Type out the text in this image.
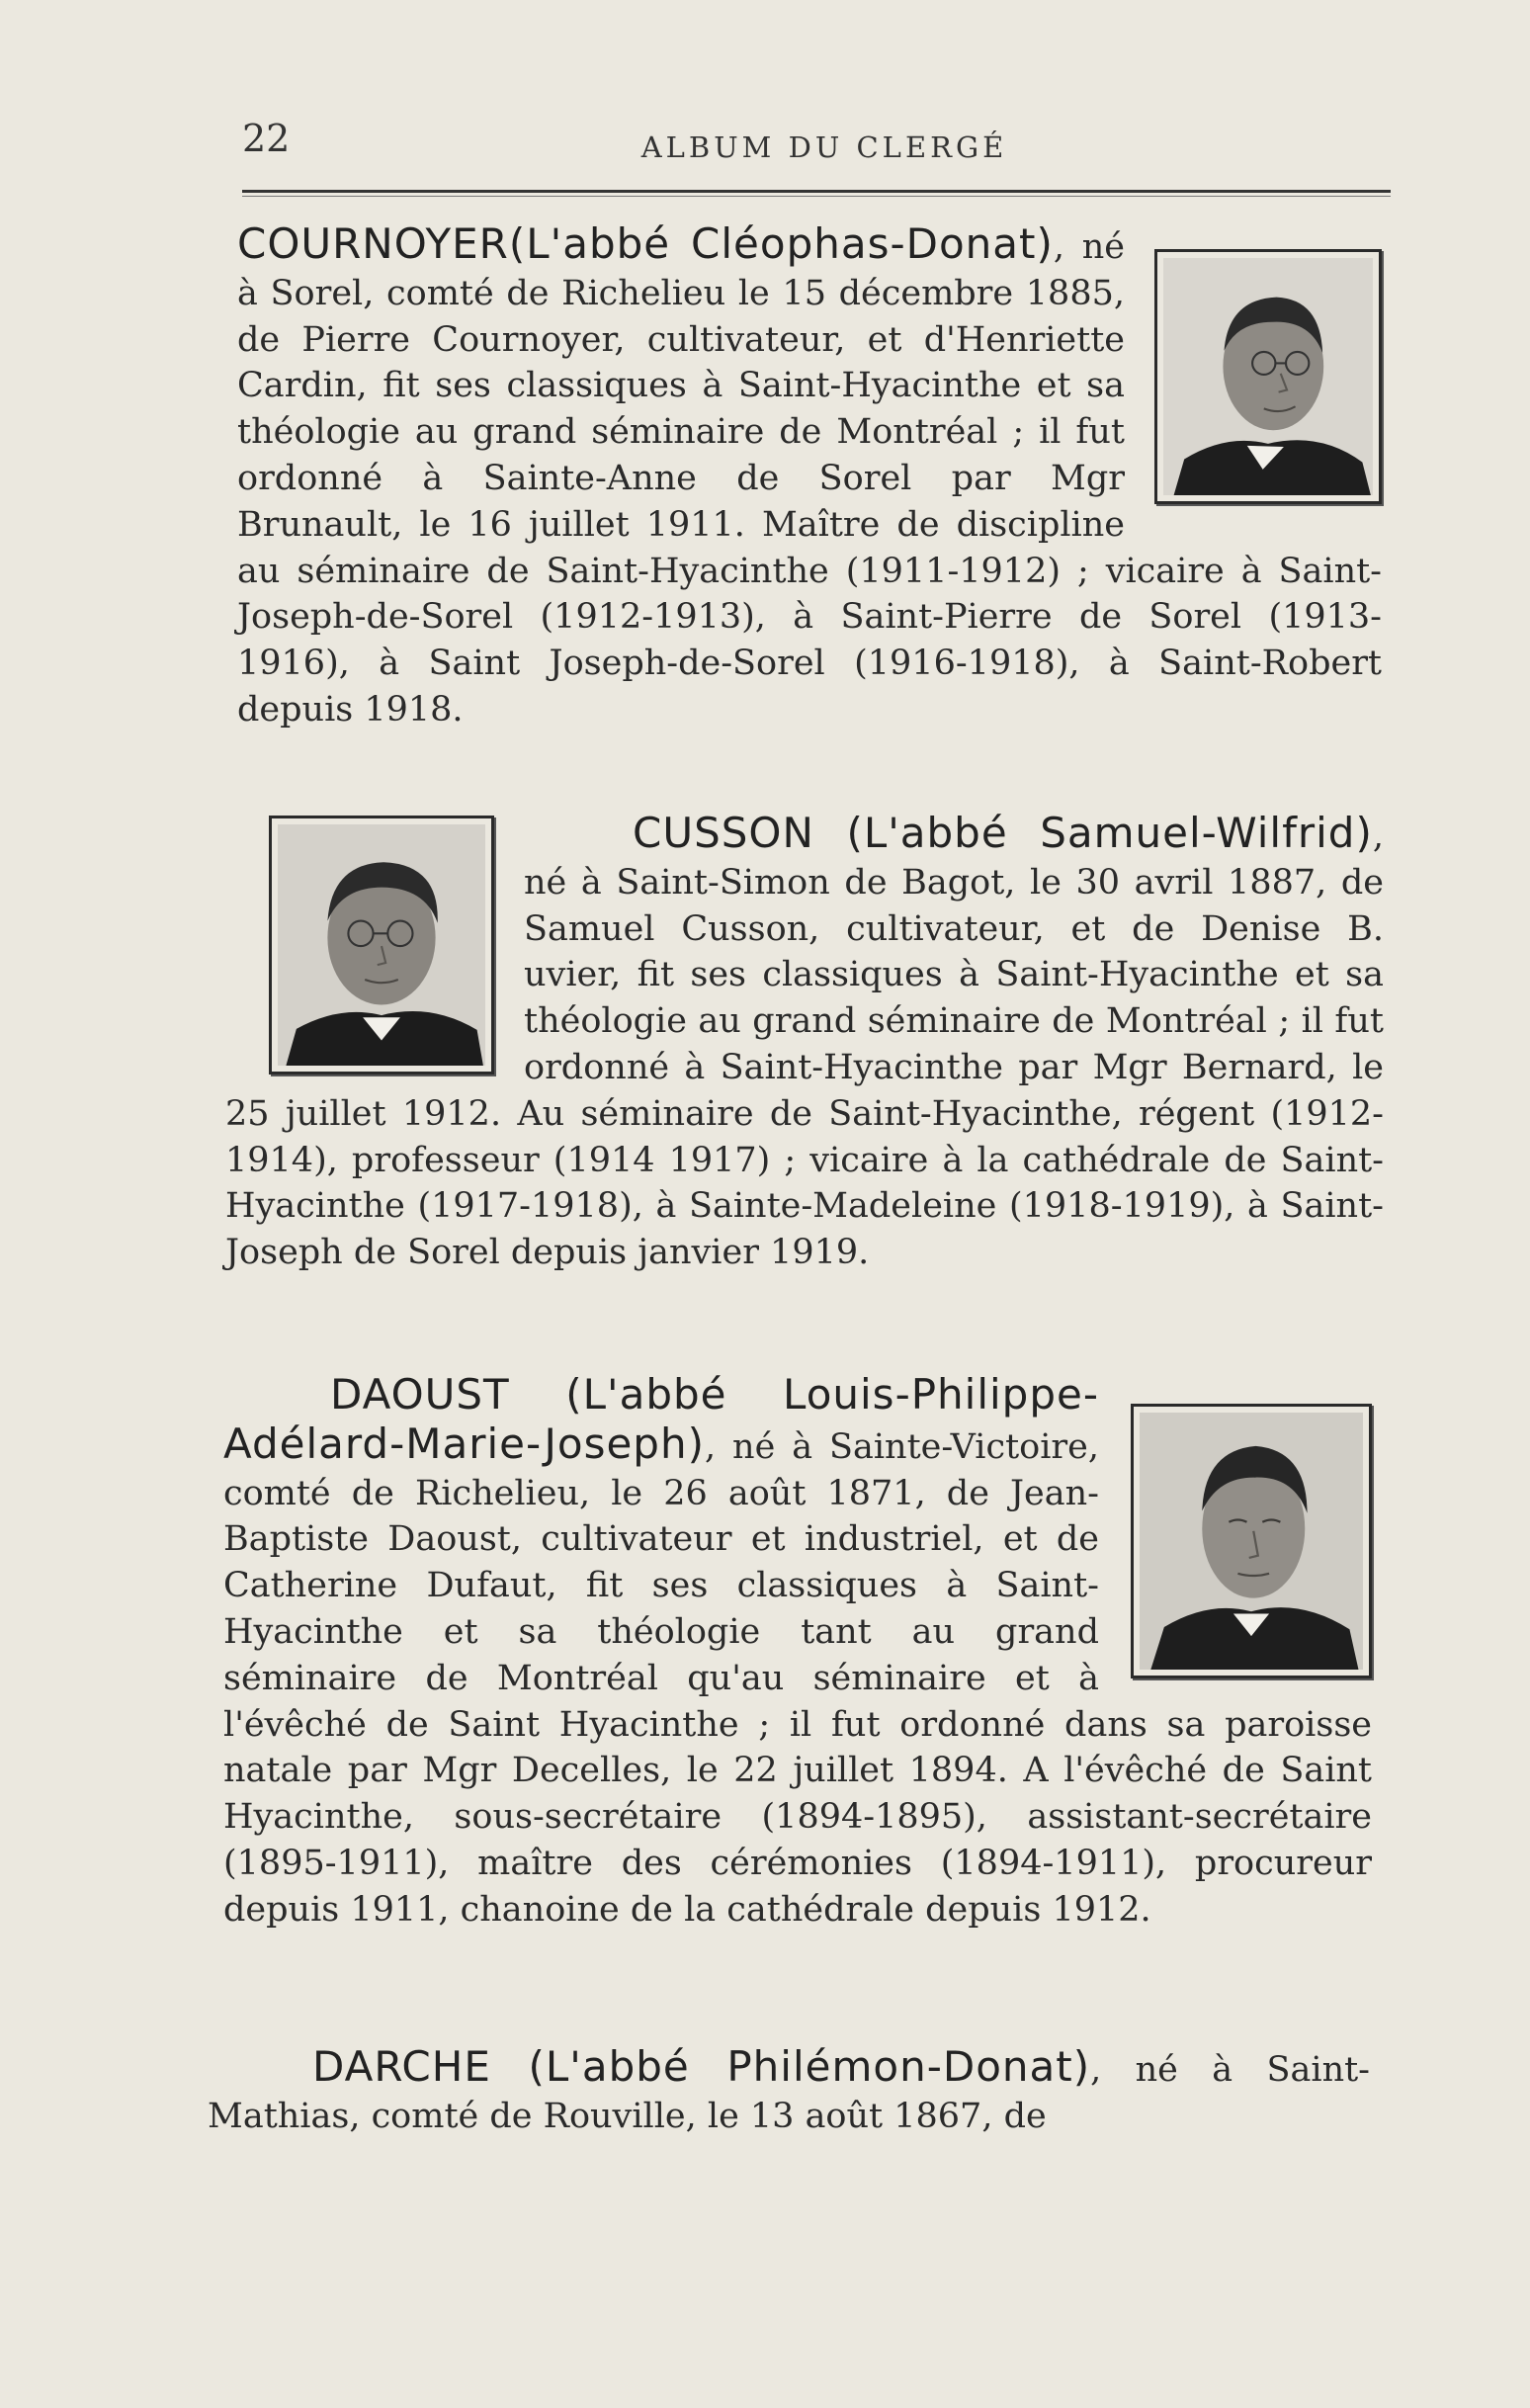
22	ALBUM DU CLERGÉ

COURNOYER(L'abbé Cléophas-Donat), né à Sorel, comté de Richelieu le 15 décembre 1885, de Pierre Cournoyer, cultivateur, et d'Henriette Cardin, fit ses classiques à Saint-Hyacinthe et sa théologie au grand séminaire de Montréal ; il fut ordonné à Sainte-Anne de Sorel par Mgr Brunault, le 16 juillet 1911. Maître de discipline au séminaire de Saint-Hyacinthe (1911-1912) ; vicaire à Saint-Joseph-de-Sorel (1912-1913), à Saint-Pierre de Sorel (1913-1916), à Saint Joseph-de-Sorel (1916-1918), à Saint-Robert depuis 1918.

CUSSON (L'abbé Samuel-Wilfrid), né à Saint-Simon de Bagot, le 30 avril 1887, de Samuel Cusson, cultivateur, et de Denise B. uvier, fit ses classiques à Saint-Hyacinthe et sa théologie au grand séminaire de Montréal ; il fut ordonné à Saint-Hyacinthe par Mgr Bernard, le 25 juillet 1912. Au séminaire de Saint-Hyacinthe, régent (1912-1914), professeur (1914 1917) ; vicaire à la cathédrale de Saint-Hyacinthe (1917-1918), à Sainte-Madeleine (1918-1919), à Saint-Joseph de Sorel depuis janvier 1919.

DAOUST (L'abbé Louis-Philippe-Adélard-Marie-Joseph), né à Sainte-Victoire, comté de Richelieu, le 26 août 1871, de Jean-Baptiste Daoust, cultivateur et industriel, et de Catherine Dufaut, fit ses classiques à Saint-Hyacinthe et sa théologie tant au grand séminaire de Montréal qu'au séminaire et à l'évêché de Saint Hyacinthe ; il fut ordonné dans sa paroisse natale par Mgr Decelles, le 22 juillet 1894. A l'évêché de Saint Hyacinthe, sous-secrétaire (1894-1895), assistant-secrétaire (1895-1911), maître des cérémonies (1894-1911), procureur depuis 1911, chanoine de la cathédrale depuis 1912.

DARCHE (L'abbé Philémon-Donat), né à Saint-Mathias, comté de Rouville, le 13 août 1867, de
